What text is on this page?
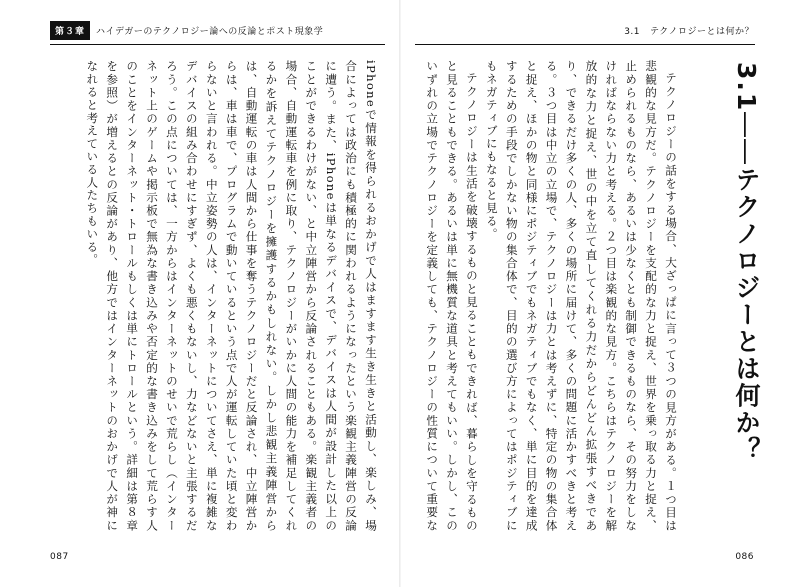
第３章	ハイデガーのテクノロジー論への反論とポスト現象学	3.1 テクノロジーとは何か？
3.1――テクノロジーとは何か？

テクノロジーの話をする場合、大ざっぱに言って３つの見方がある。１つ目は悲観的な見方だ。テクノロジーを支配的な力と捉え、世界を乗っ取る力と捉え、止められるものなら、あるいは少なくとも制御できるものなら、その努力をしなければならない力と考える。２つ目は楽観的な見方。こちらはテクノロジーを解放的な力と捉え、世の中を立て直してくれる力だからどんどん拡張すべきであり、できるだけ多くの人、多くの場所に届けて、多くの問題に活かすべきと考える。３つ目は中立の立場で、テクノロジーは力とは考えずに、特定の物の集合体と捉え、ほかの物と同様にポジティブでもネガティブでもなく、単に目的を達成するための手段でしかない物の集合体で、目的の選び方によってはポジティブにもネガティブにもなると見る。

テクノロジーは生活を破壊するものと見ることもできれば、暮らしを守るものと見ることもできる。あるいは単に無機質な道具と考えてもいい。しかし、このいずれの立場でテクノロジーを定義しても、テクノロジーの性質について重要な

iPhoneで情報を得られるおかげで人はますます生き生きと活動し、楽しみ、場合によっては政治にも積極的に関われるようになったという楽観主義陣営の反論に遭う。また、iPhoneは単なるデバイスで、デバイスは人間が設計した以上のことができるわけがない、と中立陣営から反論されることもある。楽観主義者の場合、自動運転車を例に取り、テクノロジーがいかに人間の能力を補足してくれるかを訴えてテクノロジーを擁護するかもしれない。しかし悲観主義陣営からは、自動運転の車は人間から仕事を奪うテクノロジーだと反論され、中立陣営からは、車は車で、プログラムで動いているという点で人が運転していた頃と変わらないと言われる。中立姿勢の人は、インターネットについてさえ、単に複雑なデバイスの組み合わせにすぎず、よくも悪くもないし、力などないと主張するだろう。この点については、一方からはインターネットのせいで荒らし（インターネット上のゲームや掲示板で無為な書き込みや否定的な書き込みをして荒らす人のことをインターネット・トロールもしくは単にトロールという。詳細は第８章を参照）が増えるとの反論があり、他方ではインターネットのおかげで人が神になれると考えている人たちもいる。

087	086
